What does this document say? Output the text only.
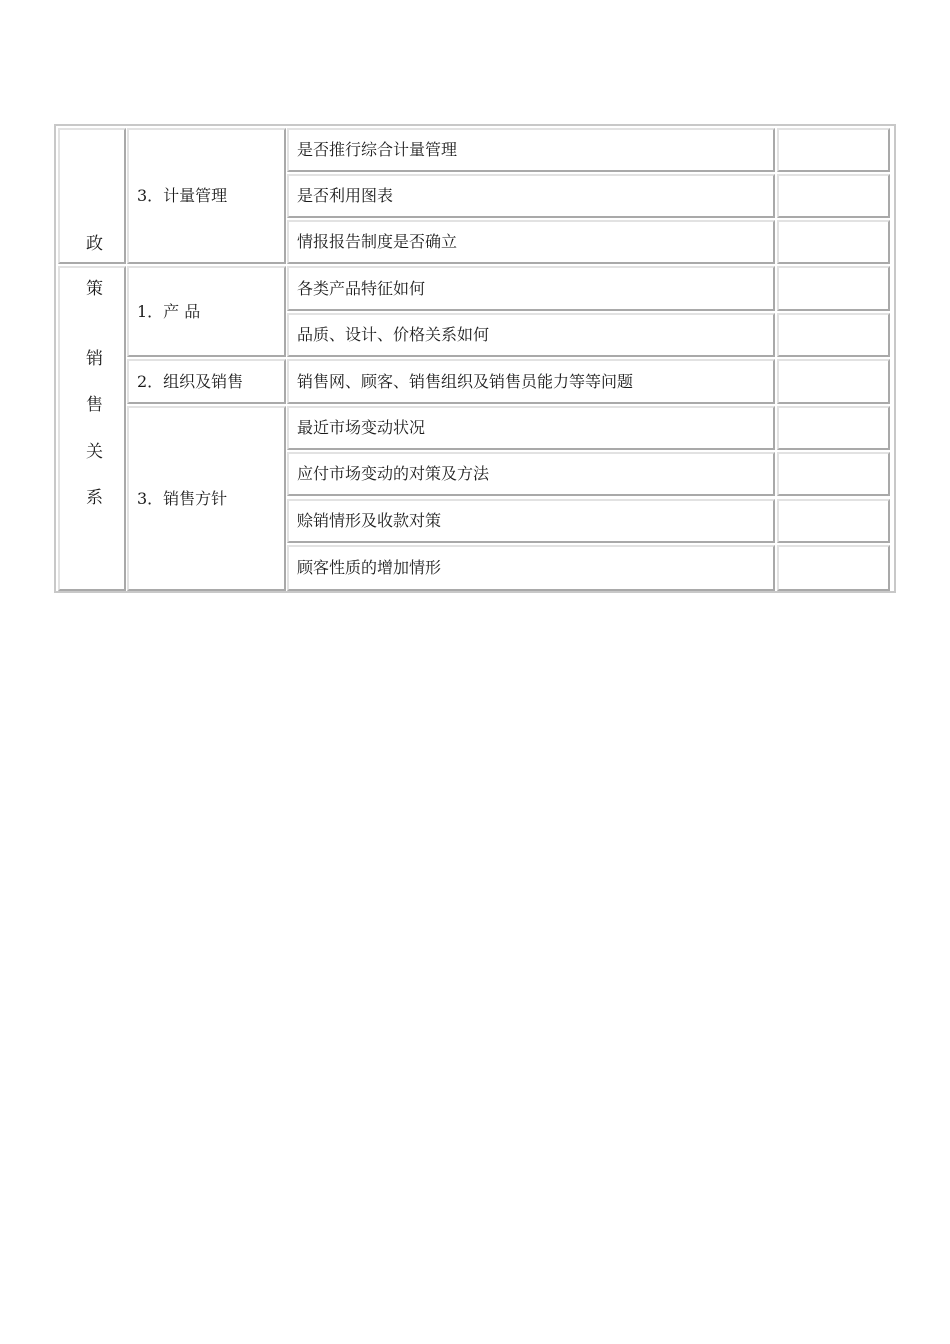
政
策
销
售
关
系
3．计量管理
1．产 品
2．组织及销售
3．销售方针
是否推行综合计量管理
是否利用图表
情报报告制度是否确立
各类产品特征如何
品质、设计、价格关系如何
销售网、顾客、销售组织及销售员能力等等问题
最近市场变动状况
应付市场变动的对策及方法
赊销情形及收款对策
顾客性质的增加情形
